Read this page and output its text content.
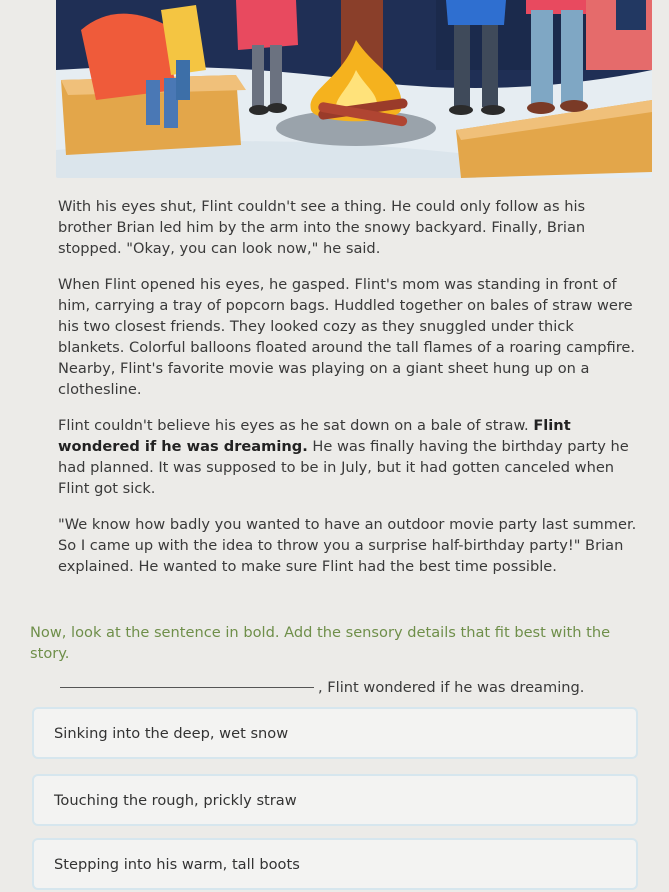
With his eyes shut, Flint couldn't see a thing. He could only follow as his brother Brian led him by the arm into the snowy backyard. Finally, Brian stopped. "Okay, you can look now," he said.

When Flint opened his eyes, he gasped. Flint's mom was standing in front of him, carrying a tray of popcorn bags. Huddled together on bales of straw were his two closest friends. They looked cozy as they snuggled under thick blankets. Colorful balloons floated around the tall flames of a roaring campfire. Nearby, Flint's favorite movie was playing on a giant sheet hung up on a clothesline.

Flint couldn't believe his eyes as he sat down on a bale of straw. Flint wondered if he was dreaming. He was finally having the birthday party he had planned. It was supposed to be in July, but it had gotten canceled when Flint got sick.

"We know how badly you wanted to have an outdoor movie party last summer. So I came up with the idea to throw you a surprise half-birthday party!" Brian explained. He wanted to make sure Flint had the best time possible.

Now, look at the sentence in bold. Add the sensory details that fit best with the story.
, Flint wondered if he was dreaming.
Sinking into the deep, wet snow
Touching the rough, prickly straw
Stepping into his warm, tall boots
